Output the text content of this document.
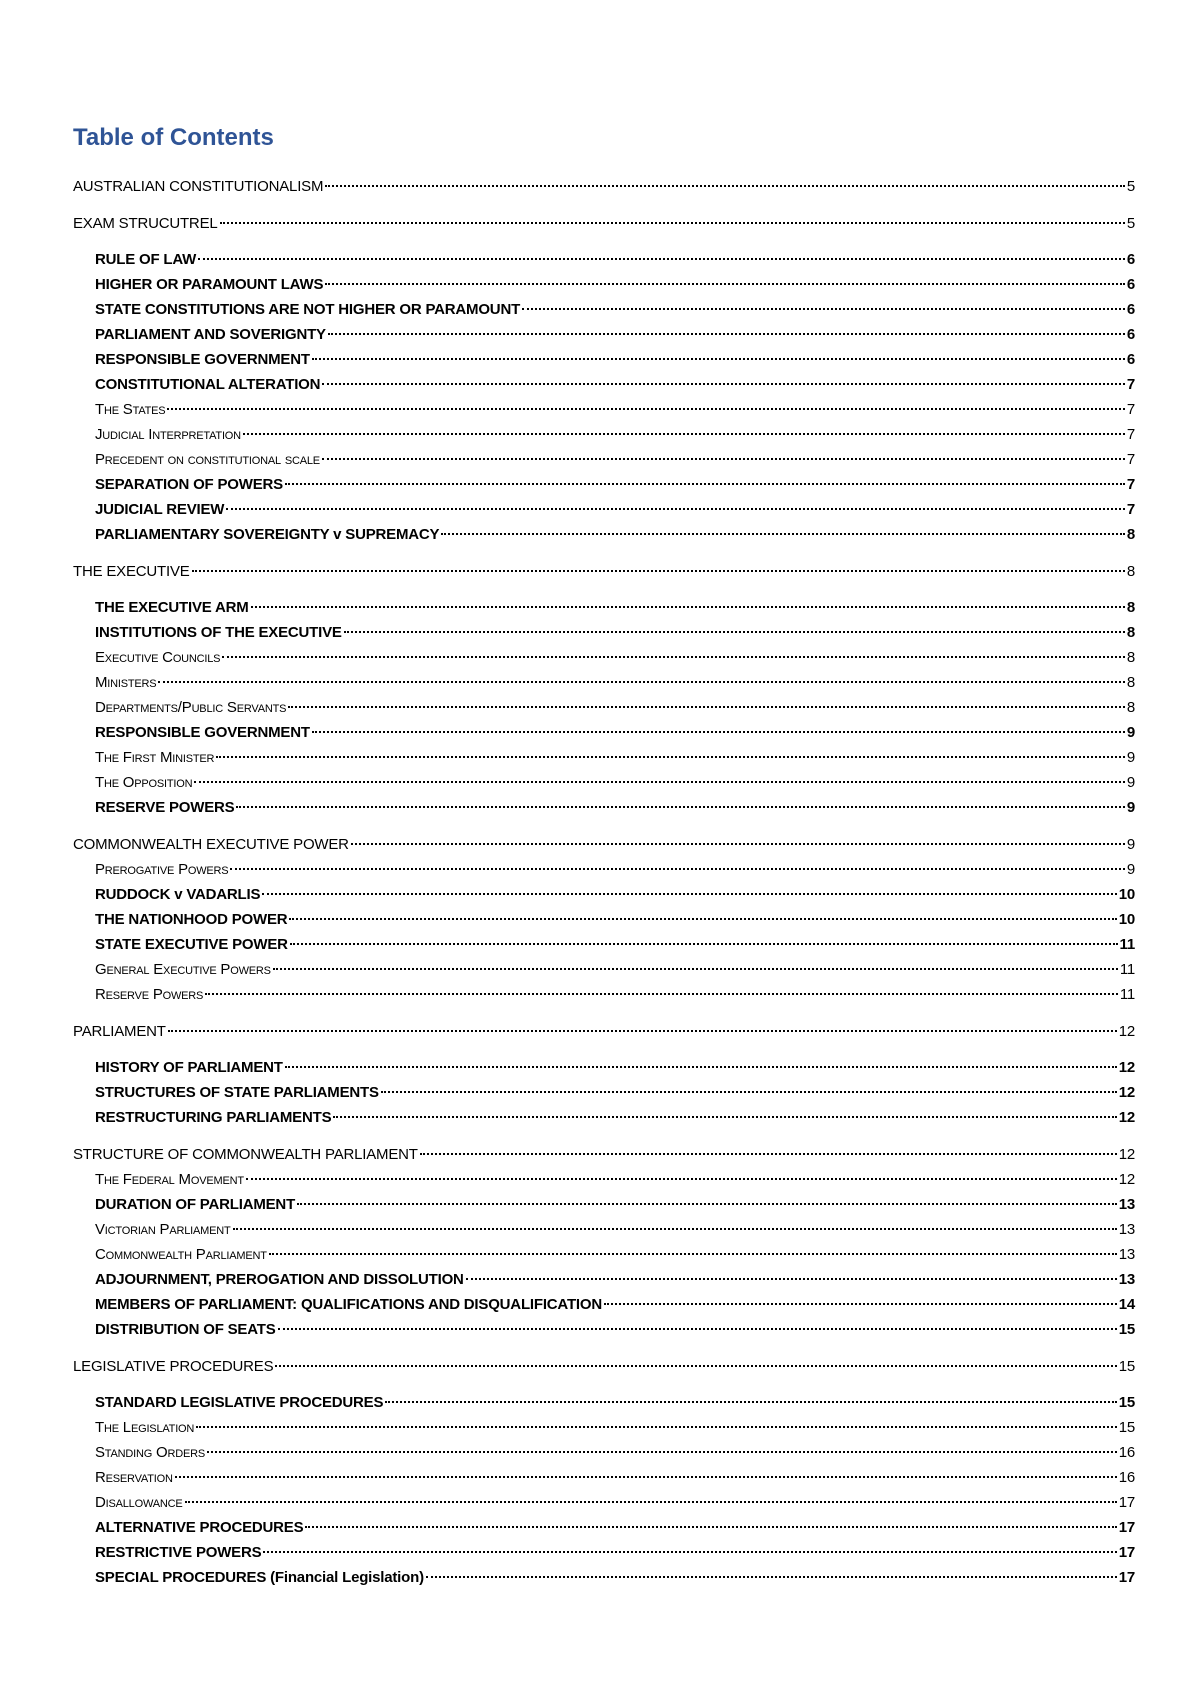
Table of Contents
AUSTRALIAN CONSTITUTIONALISM	5
EXAM STRUCUTREL	5
RULE OF LAW	6
HIGHER OR PARAMOUNT LAWS	6
STATE CONSTITUTIONS ARE NOT HIGHER OR PARAMOUNT	6
PARLIAMENT AND SOVERIGNTY	6
RESPONSIBLE GOVERNMENT	6
CONSTITUTIONAL ALTERATION	7
The States	7
Judicial Interpretation	7
Precedent on constitutional scale	7
SEPARATION OF POWERS	7
JUDICIAL REVIEW	7
PARLIAMENTARY SOVEREIGNTY v SUPREMACY	8
THE EXECUTIVE	8
THE EXECUTIVE ARM	8
INSTITUTIONS OF THE EXECUTIVE	8
Executive Councils	8
Ministers	8
Departments/Public Servants	8
RESPONSIBLE GOVERNMENT	9
The First Minister	9
The Opposition	9
RESERVE POWERS	9
COMMONWEALTH EXECUTIVE POWER	9
Prerogative Powers	9
RUDDOCK v VADARLIS	10
THE NATIONHOOD POWER	10
STATE EXECUTIVE POWER	11
General Executive Powers	11
Reserve Powers	11
PARLIAMENT	12
HISTORY OF PARLIAMENT	12
STRUCTURES OF STATE PARLIAMENTS	12
RESTRUCTURING PARLIAMENTS	12
STRUCTURE OF COMMONWEALTH PARLIAMENT	12
The Federal Movement	12
DURATION OF PARLIAMENT	13
Victorian Parliament	13
Commonwealth Parliament	13
ADJOURNMENT, PREROGATION AND DISSOLUTION	13
MEMBERS OF PARLIAMENT: QUALIFICATIONS AND DISQUALIFICATION	14
DISTRIBUTION OF SEATS	15
LEGISLATIVE PROCEDURES	15
STANDARD LEGISLATIVE PROCEDURES	15
The Legislation	15
Standing Orders	16
Reservation	16
Disallowance	17
ALTERNATIVE PROCEDURES	17
RESTRICTIVE POWERS	17
SPECIAL PROCEDURES (Financial Legislation)	17
